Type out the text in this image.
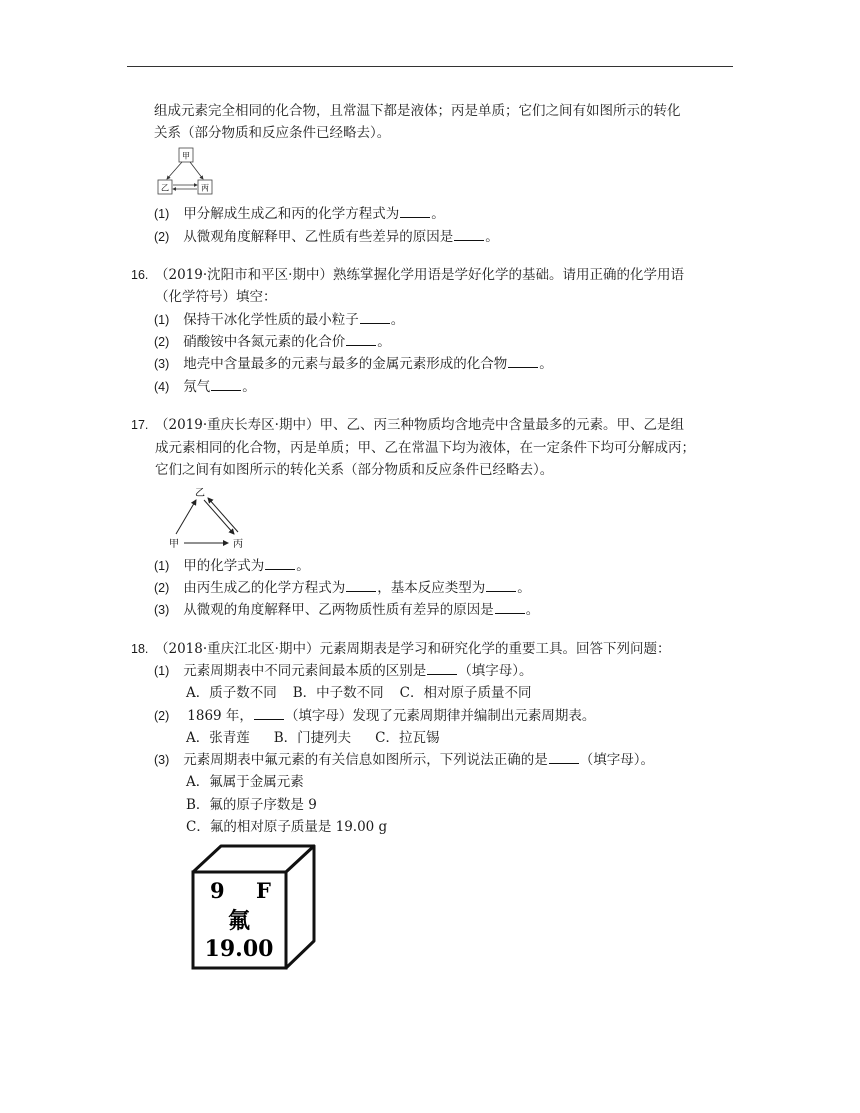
组成元素完全相同的化合物，且常温下都是液体；丙是单质；它们之间有如图所示的转化
关系（部分物质和反应条件已经略去）。
甲
乙	丙
(1) 甲分解成生成乙和丙的化学方程式为 。
(2) 从微观角度解释甲、乙性质有些差异的原因是 。
16. （2019·沈阳市和平区·期中）熟练掌握化学用语是学好化学的基础。请用正确的化学用语
（化学符号）填空：
(1) 保持干冰化学性质的最小粒子 。
(2) 硝酸铵中各氮元素的化合价 。
(3) 地壳中含量最多的元素与最多的金属元素形成的化合物 。
(4) 氖气 。
17. （2019·重庆长寿区·期中）甲、乙、丙三种物质均含地壳中含量最多的元素。甲、乙是组
成元素相同的化合物，丙是单质；甲、乙在常温下均为液体，在一定条件下均可分解成丙；
它们之间有如图所示的转化关系（部分物质和反应条件已经略去）。
乙
甲	丙
(1) 甲的化学式为 。
(2) 由丙生成乙的化学方程式为 ，基本反应类型为 。
(3) 从微观的角度解释甲、乙两物质性质有差异的原因是 。
18. （2018·重庆江北区·期中）元素周期表是学习和研究化学的重要工具。回答下列问题：
(1) 元素周期表中不同元素间最本质的区别是 （填字母）。
A．质子数不同 B．中子数不同 C．相对原子质量不同
(2) 1869 年， （填字母）发现了元素周期律并编制出元素周期表。
A．张青莲 B．门捷列夫 C．拉瓦锡
(3) 元素周期表中氟元素的有关信息如图所示，下列说法正确的是 （填字母）。
A．氟属于金属元素
B．氟的原子序数是 9
C．氟的相对原子质量是 19.00 g
9 F
氟
19.00
